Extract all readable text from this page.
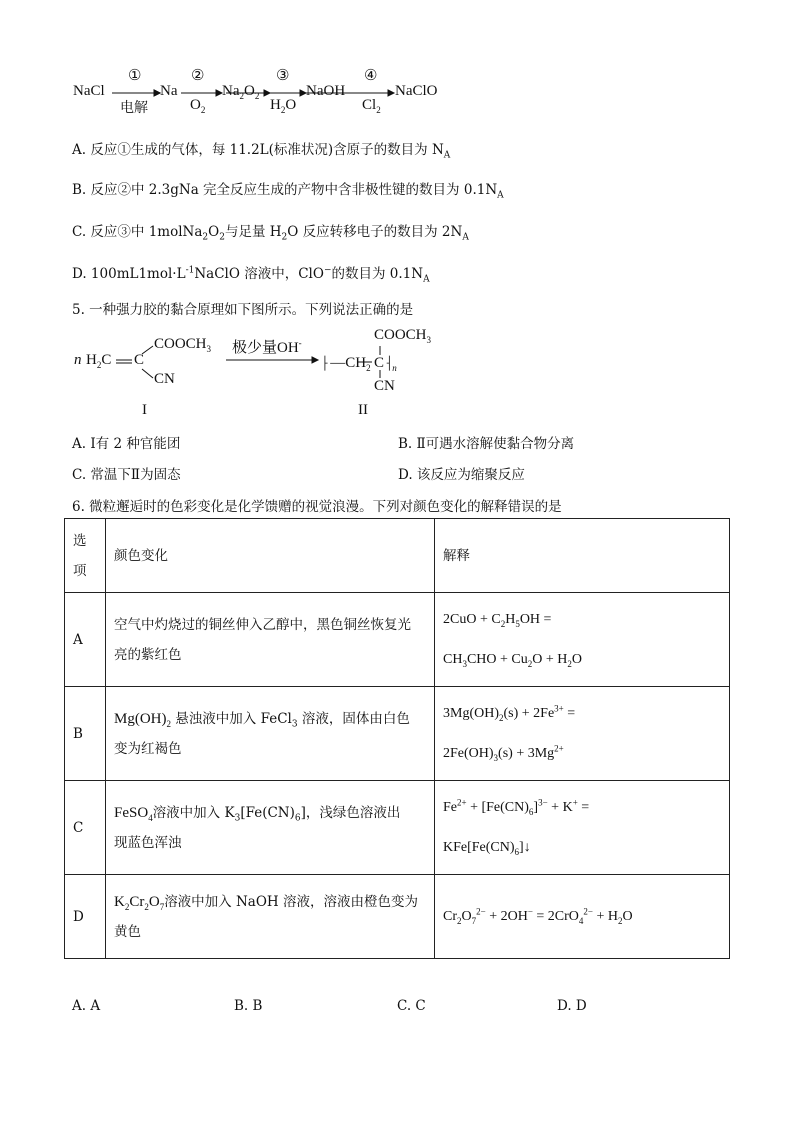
NaCl
①
电解
Na
②
$O_2$
$Na_2O_2$
③
$H_2O$
NaOH
④
$Cl_2$
NaClO
A. 反应①生成的气体，每 11.2L(标准状况)含原子的数目为 $N_A$
B. 反应②中 2.3gNa 完全反应生成的产物中含非极性键的数目为 $0.1N_A$
C. 反应③中 $1molNa_2O_2$与足量 $H_2O$ 反应转移电子的数目为 $2N_A$
D. $100mL1mol\cdot L^{-1}NaClO$ 溶液中，ClO−的数目为 $0.1N_A$
5. 一种强力胶的黏合原理如下图所示。下列说法正确的是
n $H_2C$ C
$COOCH_3$
CN
极少量OH-
$⸠—CH_2$ $C⸡_n$
$COOCH_3$
CN
I	II
A. Ⅰ有 2 种官能团	B. Ⅱ可遇水溶解使黏合物分离
C. 常温下Ⅱ为固态	D. 该反应为缩聚反应
6. 微粒邂逅时的色彩变化是化学馈赠的视觉浪漫。下列对颜色变化的解释错误的是
选
项	颜色变化	解释
A	空气中灼烧过的铜丝伸入乙醇中，黑色铜丝恢复光
亮的紫红色	$2CuO + C_2H_5OH$ =
$CH_3CHO + Cu_2O + H_2O$

B	$Mg(OH)_2$ 悬浊液中加入 FeCl$_3$ 溶液，固体由白色
变为红褐色	$3Mg(OH)_2(s) + 2Fe^{3+}$ =
$2Fe(OH)_3(s) + 3Mg^{2+}$

C	FeSO$_4$溶液中加入 $K_3[Fe(CN)_6]$，浅绿色溶液出
现蓝色浑浊	$Fe^{2+} + [Fe(CN)_6]^{3-} + K^+$ =
$KFe[Fe(CN)_6]↓$

D	$K_2Cr_2O_7$溶液中加入 NaOH 溶液，溶液由橙色变为
黄色	$Cr_2O_7^{2-} + 2OH^- = 2CrO_4^{2-} + H_2O$
A. A	B. B	C. C	D. D
